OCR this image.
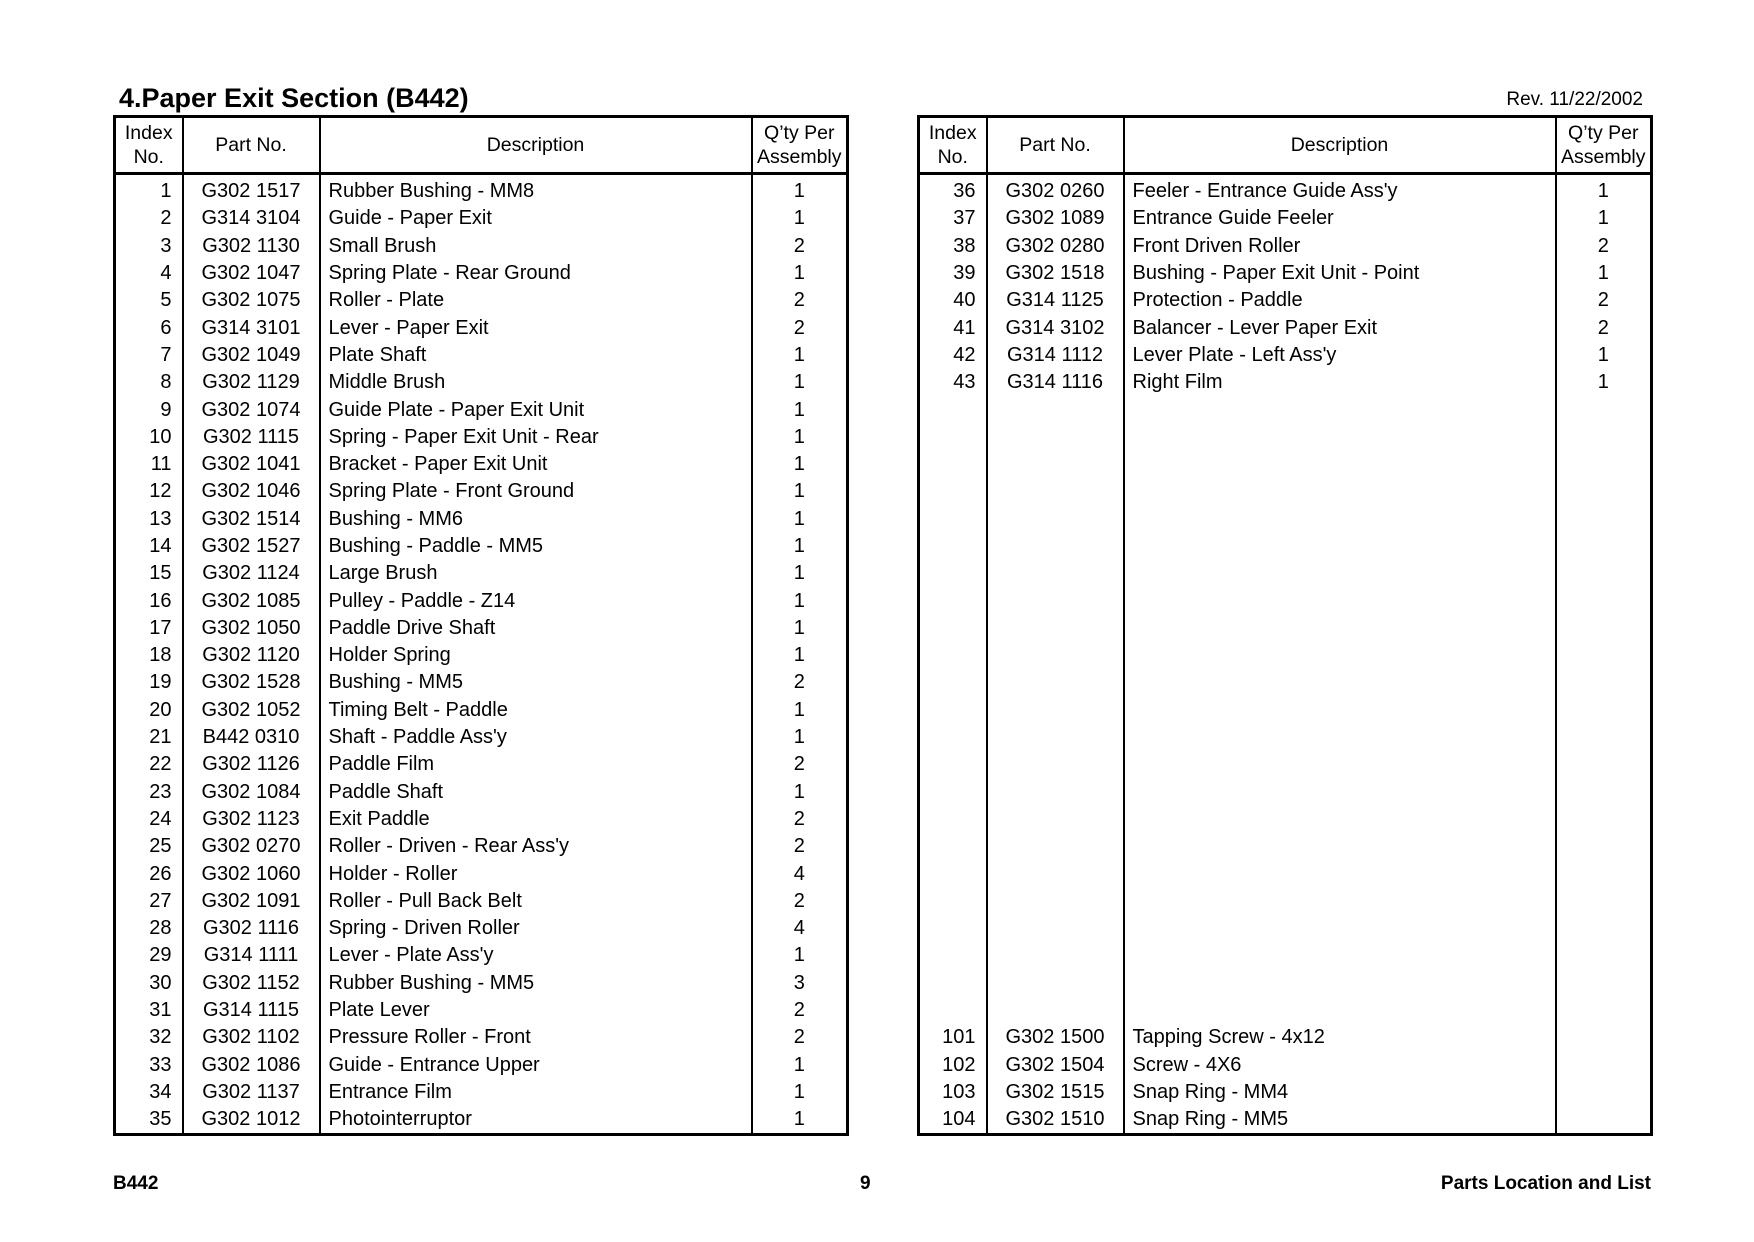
4.Paper Exit Section (B442)	Rev. 11/22/2002
Index
No.	Part No.	Description	Q’ty Per
Assembly
1	G302 1517	Rubber Bushing - MM8	1
2	G314 3104	Guide - Paper Exit	1
3	G302 1130	Small Brush	2
4	G302 1047	Spring Plate - Rear Ground	1
5	G302 1075	Roller - Plate	2
6	G314 3101	Lever - Paper Exit	2
7	G302 1049	Plate Shaft	1
8	G302 1129	Middle Brush	1
9	G302 1074	Guide Plate - Paper Exit Unit	1
10	G302 1115	Spring - Paper Exit Unit - Rear	1
11	G302 1041	Bracket - Paper Exit Unit	1
12	G302 1046	Spring Plate - Front Ground	1
13	G302 1514	Bushing - MM6	1
14	G302 1527	Bushing - Paddle - MM5	1
15	G302 1124	Large Brush	1
16	G302 1085	Pulley - Paddle - Z14	1
17	G302 1050	Paddle Drive Shaft	1
18	G302 1120	Holder Spring	1
19	G302 1528	Bushing - MM5	2
20	G302 1052	Timing Belt - Paddle	1
21	B442 0310	Shaft - Paddle Ass'y	1
22	G302 1126	Paddle Film	2
23	G302 1084	Paddle Shaft	1
24	G302 1123	Exit Paddle	2
25	G302 0270	Roller - Driven - Rear Ass'y	2
26	G302 1060	Holder - Roller	4
27	G302 1091	Roller - Pull Back Belt	2
28	G302 1116	Spring - Driven Roller	4
29	G314 1111	Lever - Plate Ass'y	1
30	G302 1152	Rubber Bushing - MM5	3
31	G314 1115	Plate Lever	2
32	G302 1102	Pressure Roller - Front	2
33	G302 1086	Guide - Entrance Upper	1
34	G302 1137	Entrance Film	1
35	G302 1012	Photointerruptor	1
Index
No.	Part No.	Description	Q’ty Per
Assembly
36	G302 0260	Feeler - Entrance Guide Ass'y	1
37	G302 1089	Entrance Guide Feeler	1
38	G302 0280	Front Driven Roller	2
39	G302 1518	Bushing - Paper Exit Unit - Point	1
40	G314 1125	Protection - Paddle	2
41	G314 3102	Balancer - Lever Paper Exit	2
42	G314 1112	Lever Plate - Left Ass'y	1
43	G314 1116	Right Film	1

101	G302 1500	Tapping Screw - 4x12	
102	G302 1504	Screw - 4X6	
103	G302 1515	Snap Ring - MM4	
104	G302 1510	Snap Ring - MM5	
B442	9	Parts Location and List
